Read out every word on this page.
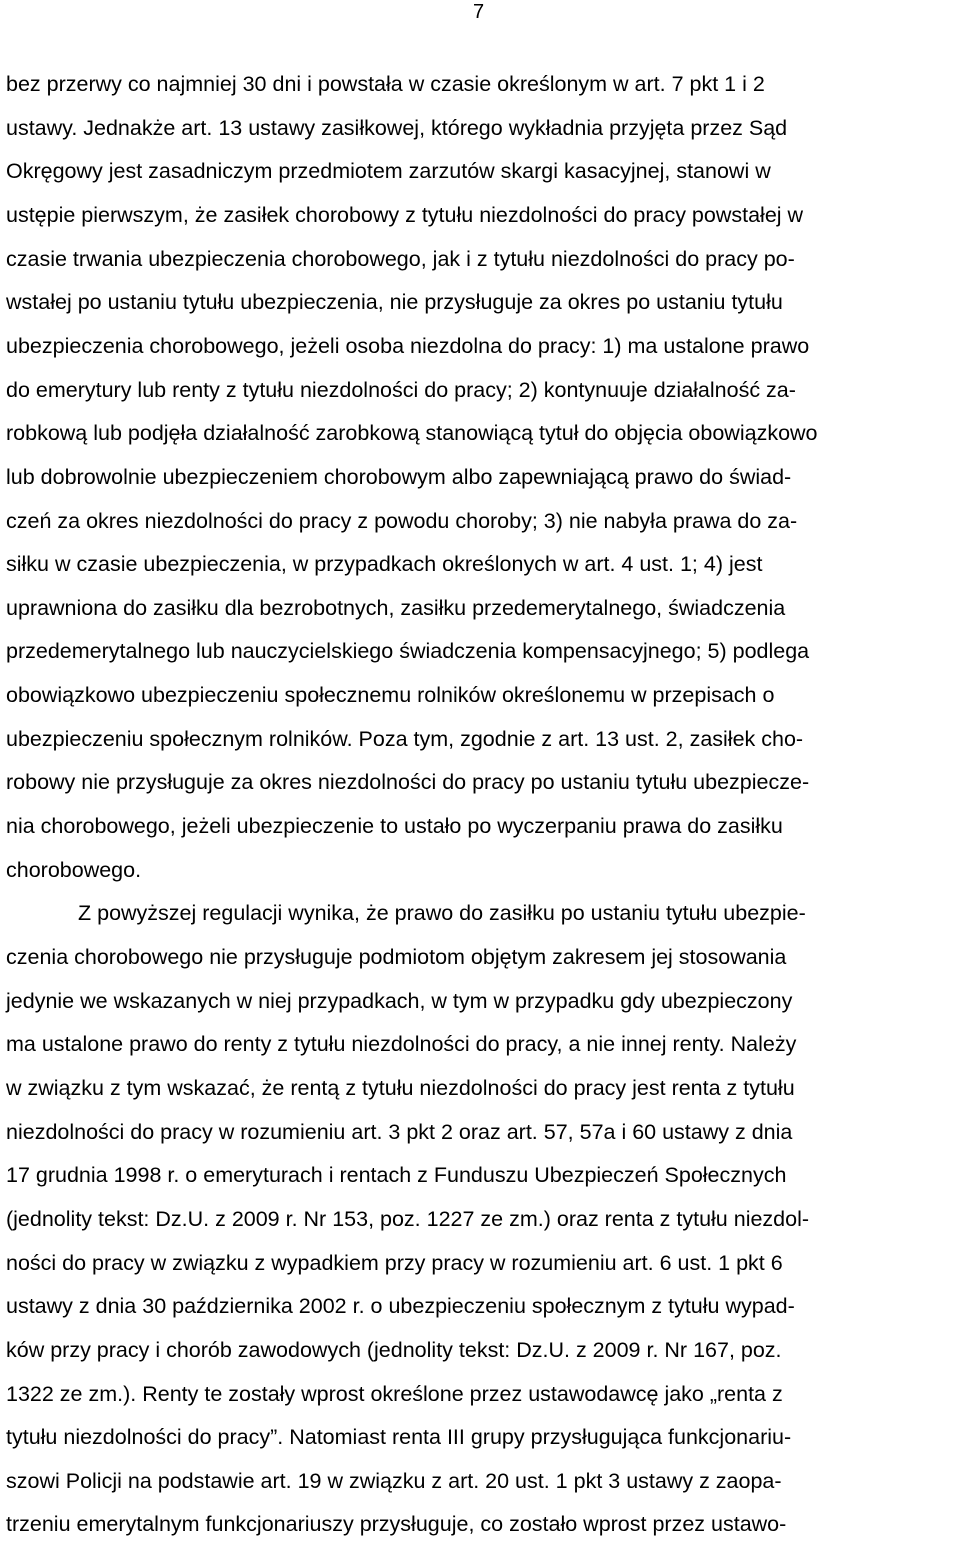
7
bez przerwy co najmniej 30 dni i powstała w czasie określonym w art. 7 pkt 1 i 2
ustawy. Jednakże art. 13 ustawy zasiłkowej, którego wykładnia przyjęta przez Sąd
Okręgowy jest zasadniczym przedmiotem zarzutów skargi kasacyjnej, stanowi w
ustępie pierwszym, że zasiłek chorobowy z tytułu niezdolności do pracy powstałej w
czasie trwania ubezpieczenia chorobowego, jak i z tytułu niezdolności do pracy po-
wstałej po ustaniu tytułu ubezpieczenia, nie przysługuje za okres po ustaniu tytułu
ubezpieczenia chorobowego, jeżeli osoba niezdolna do pracy: 1) ma ustalone prawo
do emerytury lub renty z tytułu niezdolności do pracy; 2) kontynuuje działalność za-
robkową lub podjęła działalność zarobkową stanowiącą tytuł do objęcia obowiązkowo
lub dobrowolnie ubezpieczeniem chorobowym albo zapewniającą prawo do świad-
czeń za okres niezdolności do pracy z powodu choroby; 3) nie nabyła prawa do za-
siłku w czasie ubezpieczenia, w przypadkach określonych w art. 4 ust. 1; 4) jest
uprawniona do zasiłku dla bezrobotnych, zasiłku przedemerytalnego, świadczenia
przedemerytalnego lub nauczycielskiego świadczenia kompensacyjnego; 5) podlega
obowiązkowo ubezpieczeniu społecznemu rolników określonemu w przepisach o
ubezpieczeniu społecznym rolników. Poza tym, zgodnie z art. 13 ust. 2, zasiłek cho-
robowy nie przysługuje za okres niezdolności do pracy po ustaniu tytułu ubezpiecze-
nia chorobowego, jeżeli ubezpieczenie to ustało po wyczerpaniu prawa do zasiłku
chorobowego.
Z powyższej regulacji wynika, że prawo do zasiłku po ustaniu tytułu ubezpie-
czenia chorobowego nie przysługuje podmiotom objętym zakresem jej stosowania
jedynie we wskazanych w niej przypadkach, w tym w przypadku gdy ubezpieczony
ma ustalone prawo do renty z tytułu niezdolności do pracy, a nie innej renty. Należy
w związku z tym wskazać, że rentą z tytułu niezdolności do pracy jest renta z tytułu
niezdolności do pracy w rozumieniu art. 3 pkt 2 oraz art. 57, 57a i 60 ustawy z dnia
17 grudnia 1998 r. o emeryturach i rentach z Funduszu Ubezpieczeń Społecznych
(jednolity tekst: Dz.U. z 2009 r. Nr 153, poz. 1227 ze zm.) oraz renta z tytułu niezdol-
ności do pracy w związku z wypadkiem przy pracy w rozumieniu art. 6 ust. 1 pkt 6
ustawy z dnia 30 października 2002 r. o ubezpieczeniu społecznym z tytułu wypad-
ków przy pracy i chorób zawodowych (jednolity tekst: Dz.U. z 2009 r. Nr 167, poz.
1322 ze zm.). Renty te zostały wprost określone przez ustawodawcę jako „renta z
tytułu niezdolności do pracy”. Natomiast renta III grupy przysługująca funkcjonariu-
szowi Policji na podstawie art. 19 w związku z art. 20 ust. 1 pkt 3 ustawy z zaopa-
trzeniu emerytalnym funkcjonariuszy przysługuje, co zostało wprost przez ustawo-
